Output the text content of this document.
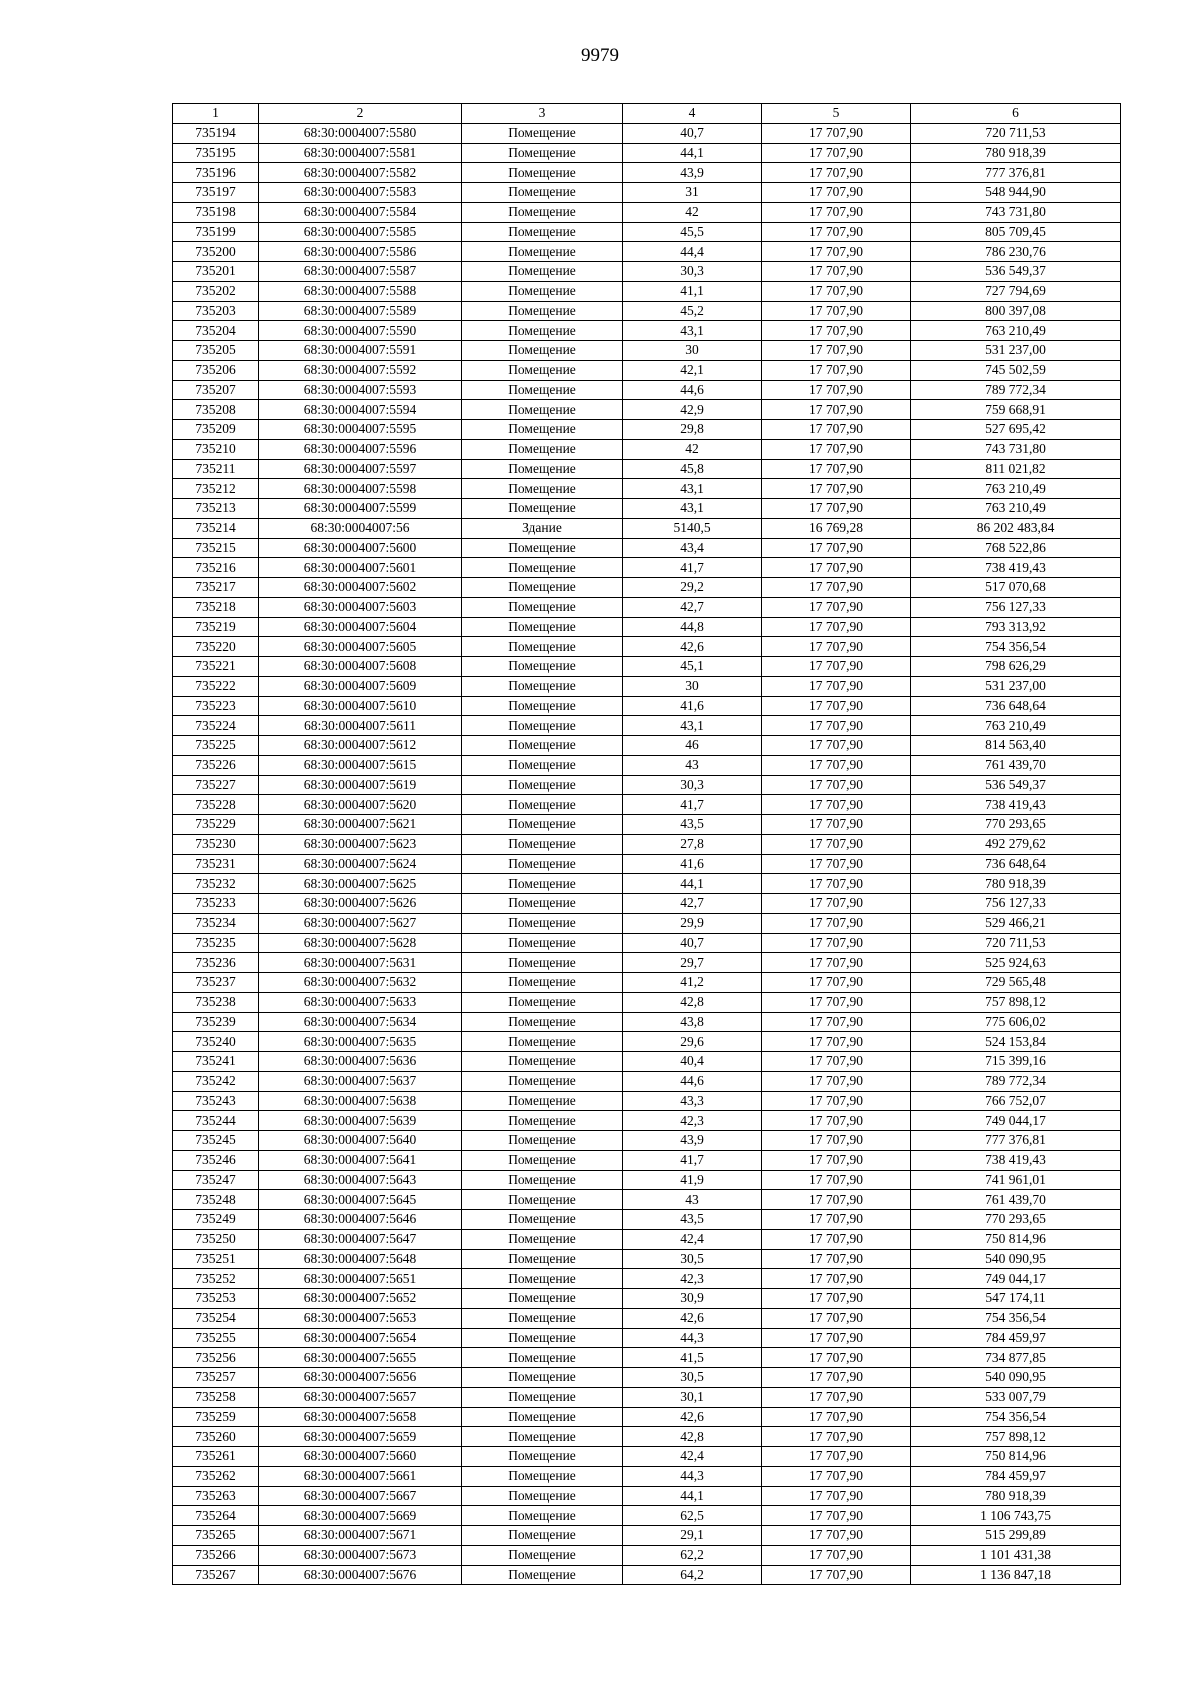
9979
1	2	3	4	5	6
735194	68:30:0004007:5580	Помещение	40,7	17 707,90	720 711,53
735195	68:30:0004007:5581	Помещение	44,1	17 707,90	780 918,39
735196	68:30:0004007:5582	Помещение	43,9	17 707,90	777 376,81
735197	68:30:0004007:5583	Помещение	31	17 707,90	548 944,90
735198	68:30:0004007:5584	Помещение	42	17 707,90	743 731,80
735199	68:30:0004007:5585	Помещение	45,5	17 707,90	805 709,45
735200	68:30:0004007:5586	Помещение	44,4	17 707,90	786 230,76
735201	68:30:0004007:5587	Помещение	30,3	17 707,90	536 549,37
735202	68:30:0004007:5588	Помещение	41,1	17 707,90	727 794,69
735203	68:30:0004007:5589	Помещение	45,2	17 707,90	800 397,08
735204	68:30:0004007:5590	Помещение	43,1	17 707,90	763 210,49
735205	68:30:0004007:5591	Помещение	30	17 707,90	531 237,00
735206	68:30:0004007:5592	Помещение	42,1	17 707,90	745 502,59
735207	68:30:0004007:5593	Помещение	44,6	17 707,90	789 772,34
735208	68:30:0004007:5594	Помещение	42,9	17 707,90	759 668,91
735209	68:30:0004007:5595	Помещение	29,8	17 707,90	527 695,42
735210	68:30:0004007:5596	Помещение	42	17 707,90	743 731,80
735211	68:30:0004007:5597	Помещение	45,8	17 707,90	811 021,82
735212	68:30:0004007:5598	Помещение	43,1	17 707,90	763 210,49
735213	68:30:0004007:5599	Помещение	43,1	17 707,90	763 210,49
735214	68:30:0004007:56	Здание	5140,5	16 769,28	86 202 483,84
735215	68:30:0004007:5600	Помещение	43,4	17 707,90	768 522,86
735216	68:30:0004007:5601	Помещение	41,7	17 707,90	738 419,43
735217	68:30:0004007:5602	Помещение	29,2	17 707,90	517 070,68
735218	68:30:0004007:5603	Помещение	42,7	17 707,90	756 127,33
735219	68:30:0004007:5604	Помещение	44,8	17 707,90	793 313,92
735220	68:30:0004007:5605	Помещение	42,6	17 707,90	754 356,54
735221	68:30:0004007:5608	Помещение	45,1	17 707,90	798 626,29
735222	68:30:0004007:5609	Помещение	30	17 707,90	531 237,00
735223	68:30:0004007:5610	Помещение	41,6	17 707,90	736 648,64
735224	68:30:0004007:5611	Помещение	43,1	17 707,90	763 210,49
735225	68:30:0004007:5612	Помещение	46	17 707,90	814 563,40
735226	68:30:0004007:5615	Помещение	43	17 707,90	761 439,70
735227	68:30:0004007:5619	Помещение	30,3	17 707,90	536 549,37
735228	68:30:0004007:5620	Помещение	41,7	17 707,90	738 419,43
735229	68:30:0004007:5621	Помещение	43,5	17 707,90	770 293,65
735230	68:30:0004007:5623	Помещение	27,8	17 707,90	492 279,62
735231	68:30:0004007:5624	Помещение	41,6	17 707,90	736 648,64
735232	68:30:0004007:5625	Помещение	44,1	17 707,90	780 918,39
735233	68:30:0004007:5626	Помещение	42,7	17 707,90	756 127,33
735234	68:30:0004007:5627	Помещение	29,9	17 707,90	529 466,21
735235	68:30:0004007:5628	Помещение	40,7	17 707,90	720 711,53
735236	68:30:0004007:5631	Помещение	29,7	17 707,90	525 924,63
735237	68:30:0004007:5632	Помещение	41,2	17 707,90	729 565,48
735238	68:30:0004007:5633	Помещение	42,8	17 707,90	757 898,12
735239	68:30:0004007:5634	Помещение	43,8	17 707,90	775 606,02
735240	68:30:0004007:5635	Помещение	29,6	17 707,90	524 153,84
735241	68:30:0004007:5636	Помещение	40,4	17 707,90	715 399,16
735242	68:30:0004007:5637	Помещение	44,6	17 707,90	789 772,34
735243	68:30:0004007:5638	Помещение	43,3	17 707,90	766 752,07
735244	68:30:0004007:5639	Помещение	42,3	17 707,90	749 044,17
735245	68:30:0004007:5640	Помещение	43,9	17 707,90	777 376,81
735246	68:30:0004007:5641	Помещение	41,7	17 707,90	738 419,43
735247	68:30:0004007:5643	Помещение	41,9	17 707,90	741 961,01
735248	68:30:0004007:5645	Помещение	43	17 707,90	761 439,70
735249	68:30:0004007:5646	Помещение	43,5	17 707,90	770 293,65
735250	68:30:0004007:5647	Помещение	42,4	17 707,90	750 814,96
735251	68:30:0004007:5648	Помещение	30,5	17 707,90	540 090,95
735252	68:30:0004007:5651	Помещение	42,3	17 707,90	749 044,17
735253	68:30:0004007:5652	Помещение	30,9	17 707,90	547 174,11
735254	68:30:0004007:5653	Помещение	42,6	17 707,90	754 356,54
735255	68:30:0004007:5654	Помещение	44,3	17 707,90	784 459,97
735256	68:30:0004007:5655	Помещение	41,5	17 707,90	734 877,85
735257	68:30:0004007:5656	Помещение	30,5	17 707,90	540 090,95
735258	68:30:0004007:5657	Помещение	30,1	17 707,90	533 007,79
735259	68:30:0004007:5658	Помещение	42,6	17 707,90	754 356,54
735260	68:30:0004007:5659	Помещение	42,8	17 707,90	757 898,12
735261	68:30:0004007:5660	Помещение	42,4	17 707,90	750 814,96
735262	68:30:0004007:5661	Помещение	44,3	17 707,90	784 459,97
735263	68:30:0004007:5667	Помещение	44,1	17 707,90	780 918,39
735264	68:30:0004007:5669	Помещение	62,5	17 707,90	1 106 743,75
735265	68:30:0004007:5671	Помещение	29,1	17 707,90	515 299,89
735266	68:30:0004007:5673	Помещение	62,2	17 707,90	1 101 431,38
735267	68:30:0004007:5676	Помещение	64,2	17 707,90	1 136 847,18
